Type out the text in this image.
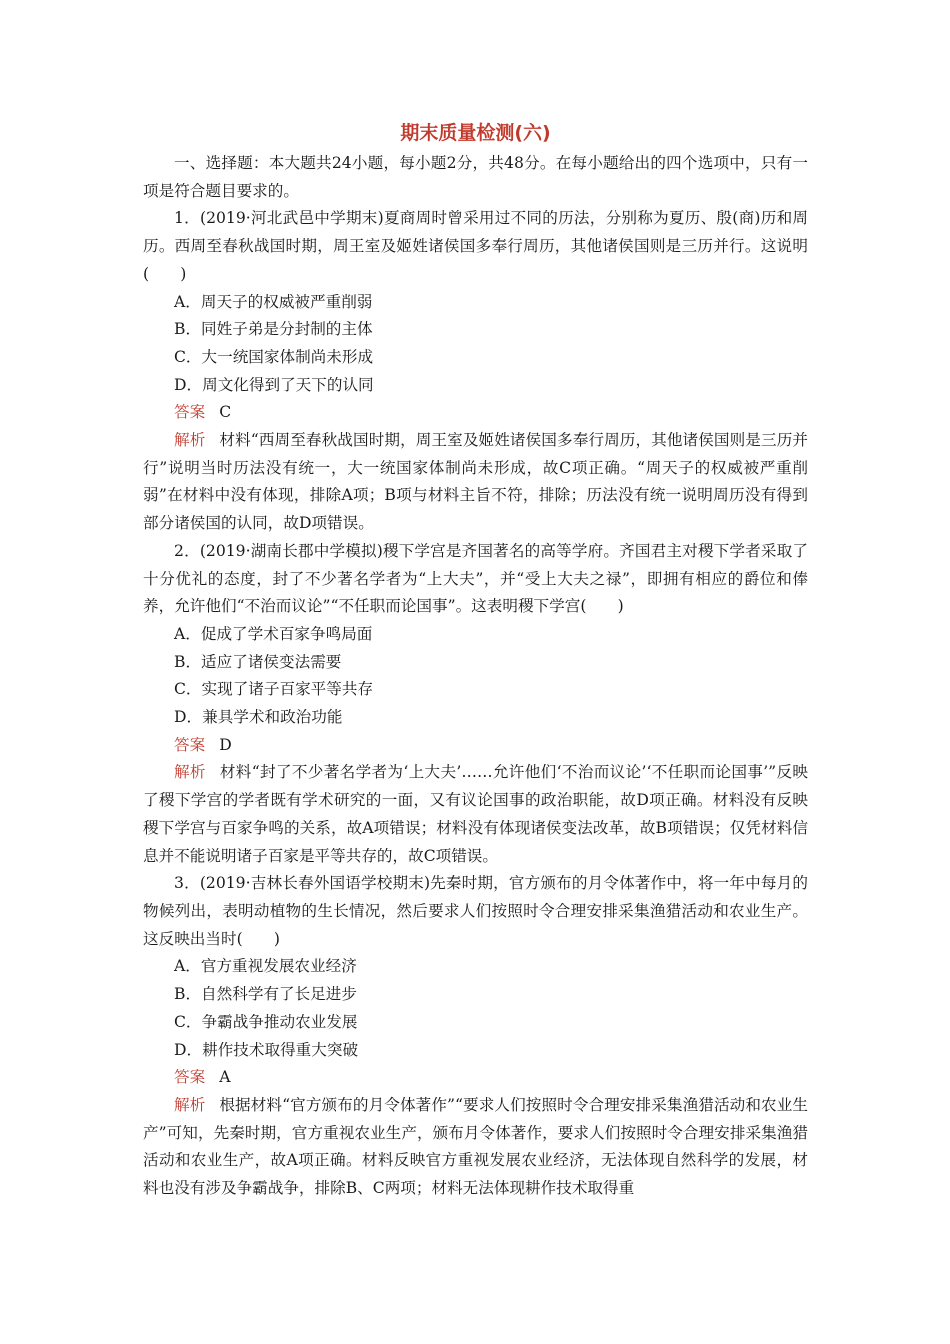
期末质量检测(六)

一、选择题：本大题共24小题，每小题2分，共48分。在每小题给出的四个选项中，只有一项是符合题目要求的。

1．(2019·河北武邑中学期末)夏商周时曾采用过不同的历法，分别称为夏历、殷(商)历和周历。西周至春秋战国时期，周王室及姬姓诸侯国多奉行周历，其他诸侯国则是三历并行。这说明(　　)

A．周天子的权威被严重削弱

B．同姓子弟是分封制的主体

C．大一统国家体制尚未形成

D．周文化得到了天下的认同

答案 C

解析 材料“西周至春秋战国时期，周王室及姬姓诸侯国多奉行周历，其他诸侯国则是三历并行”说明当时历法没有统一，大一统国家体制尚未形成，故C项正确。“周天子的权威被严重削弱”在材料中没有体现，排除A项；B项与材料主旨不符，排除；历法没有统一说明周历没有得到部分诸侯国的认同，故D项错误。

2．(2019·湖南长郡中学模拟)稷下学宫是齐国著名的高等学府。齐国君主对稷下学者采取了十分优礼的态度，封了不少著名学者为“上大夫”，并“受上大夫之禄”，即拥有相应的爵位和俸养，允许他们“不治而议论”“不任职而论国事”。这表明稷下学宫(　　)

A．促成了学术百家争鸣局面

B．适应了诸侯变法需要

C．实现了诸子百家平等共存

D．兼具学术和政治功能

答案 D

解析 材料“封了不少著名学者为‘上大夫’……允许他们‘不治而议论’‘不任职而论国事’”反映了稷下学宫的学者既有学术研究的一面，又有议论国事的政治职能，故D项正确。材料没有反映稷下学宫与百家争鸣的关系，故A项错误；材料没有体现诸侯变法改革，故B项错误；仅凭材料信息并不能说明诸子百家是平等共存的，故C项错误。

3．(2019·吉林长春外国语学校期末)先秦时期，官方颁布的月令体著作中，将一年中每月的物候列出，表明动植物的生长情况，然后要求人们按照时令合理安排采集渔猎活动和农业生产。这反映出当时(　　)

A．官方重视发展农业经济

B．自然科学有了长足进步

C．争霸战争推动农业发展

D．耕作技术取得重大突破

答案 A

解析 根据材料“官方颁布的月令体著作”“要求人们按照时令合理安排采集渔猎活动和农业生产”可知，先秦时期，官方重视农业生产，颁布月令体著作，要求人们按照时令合理安排采集渔猎活动和农业生产，故A项正确。材料反映官方重视发展农业经济，无法体现自然科学的发展，材料也没有涉及争霸战争，排除B、C两项；材料无法体现耕作技术取得重
